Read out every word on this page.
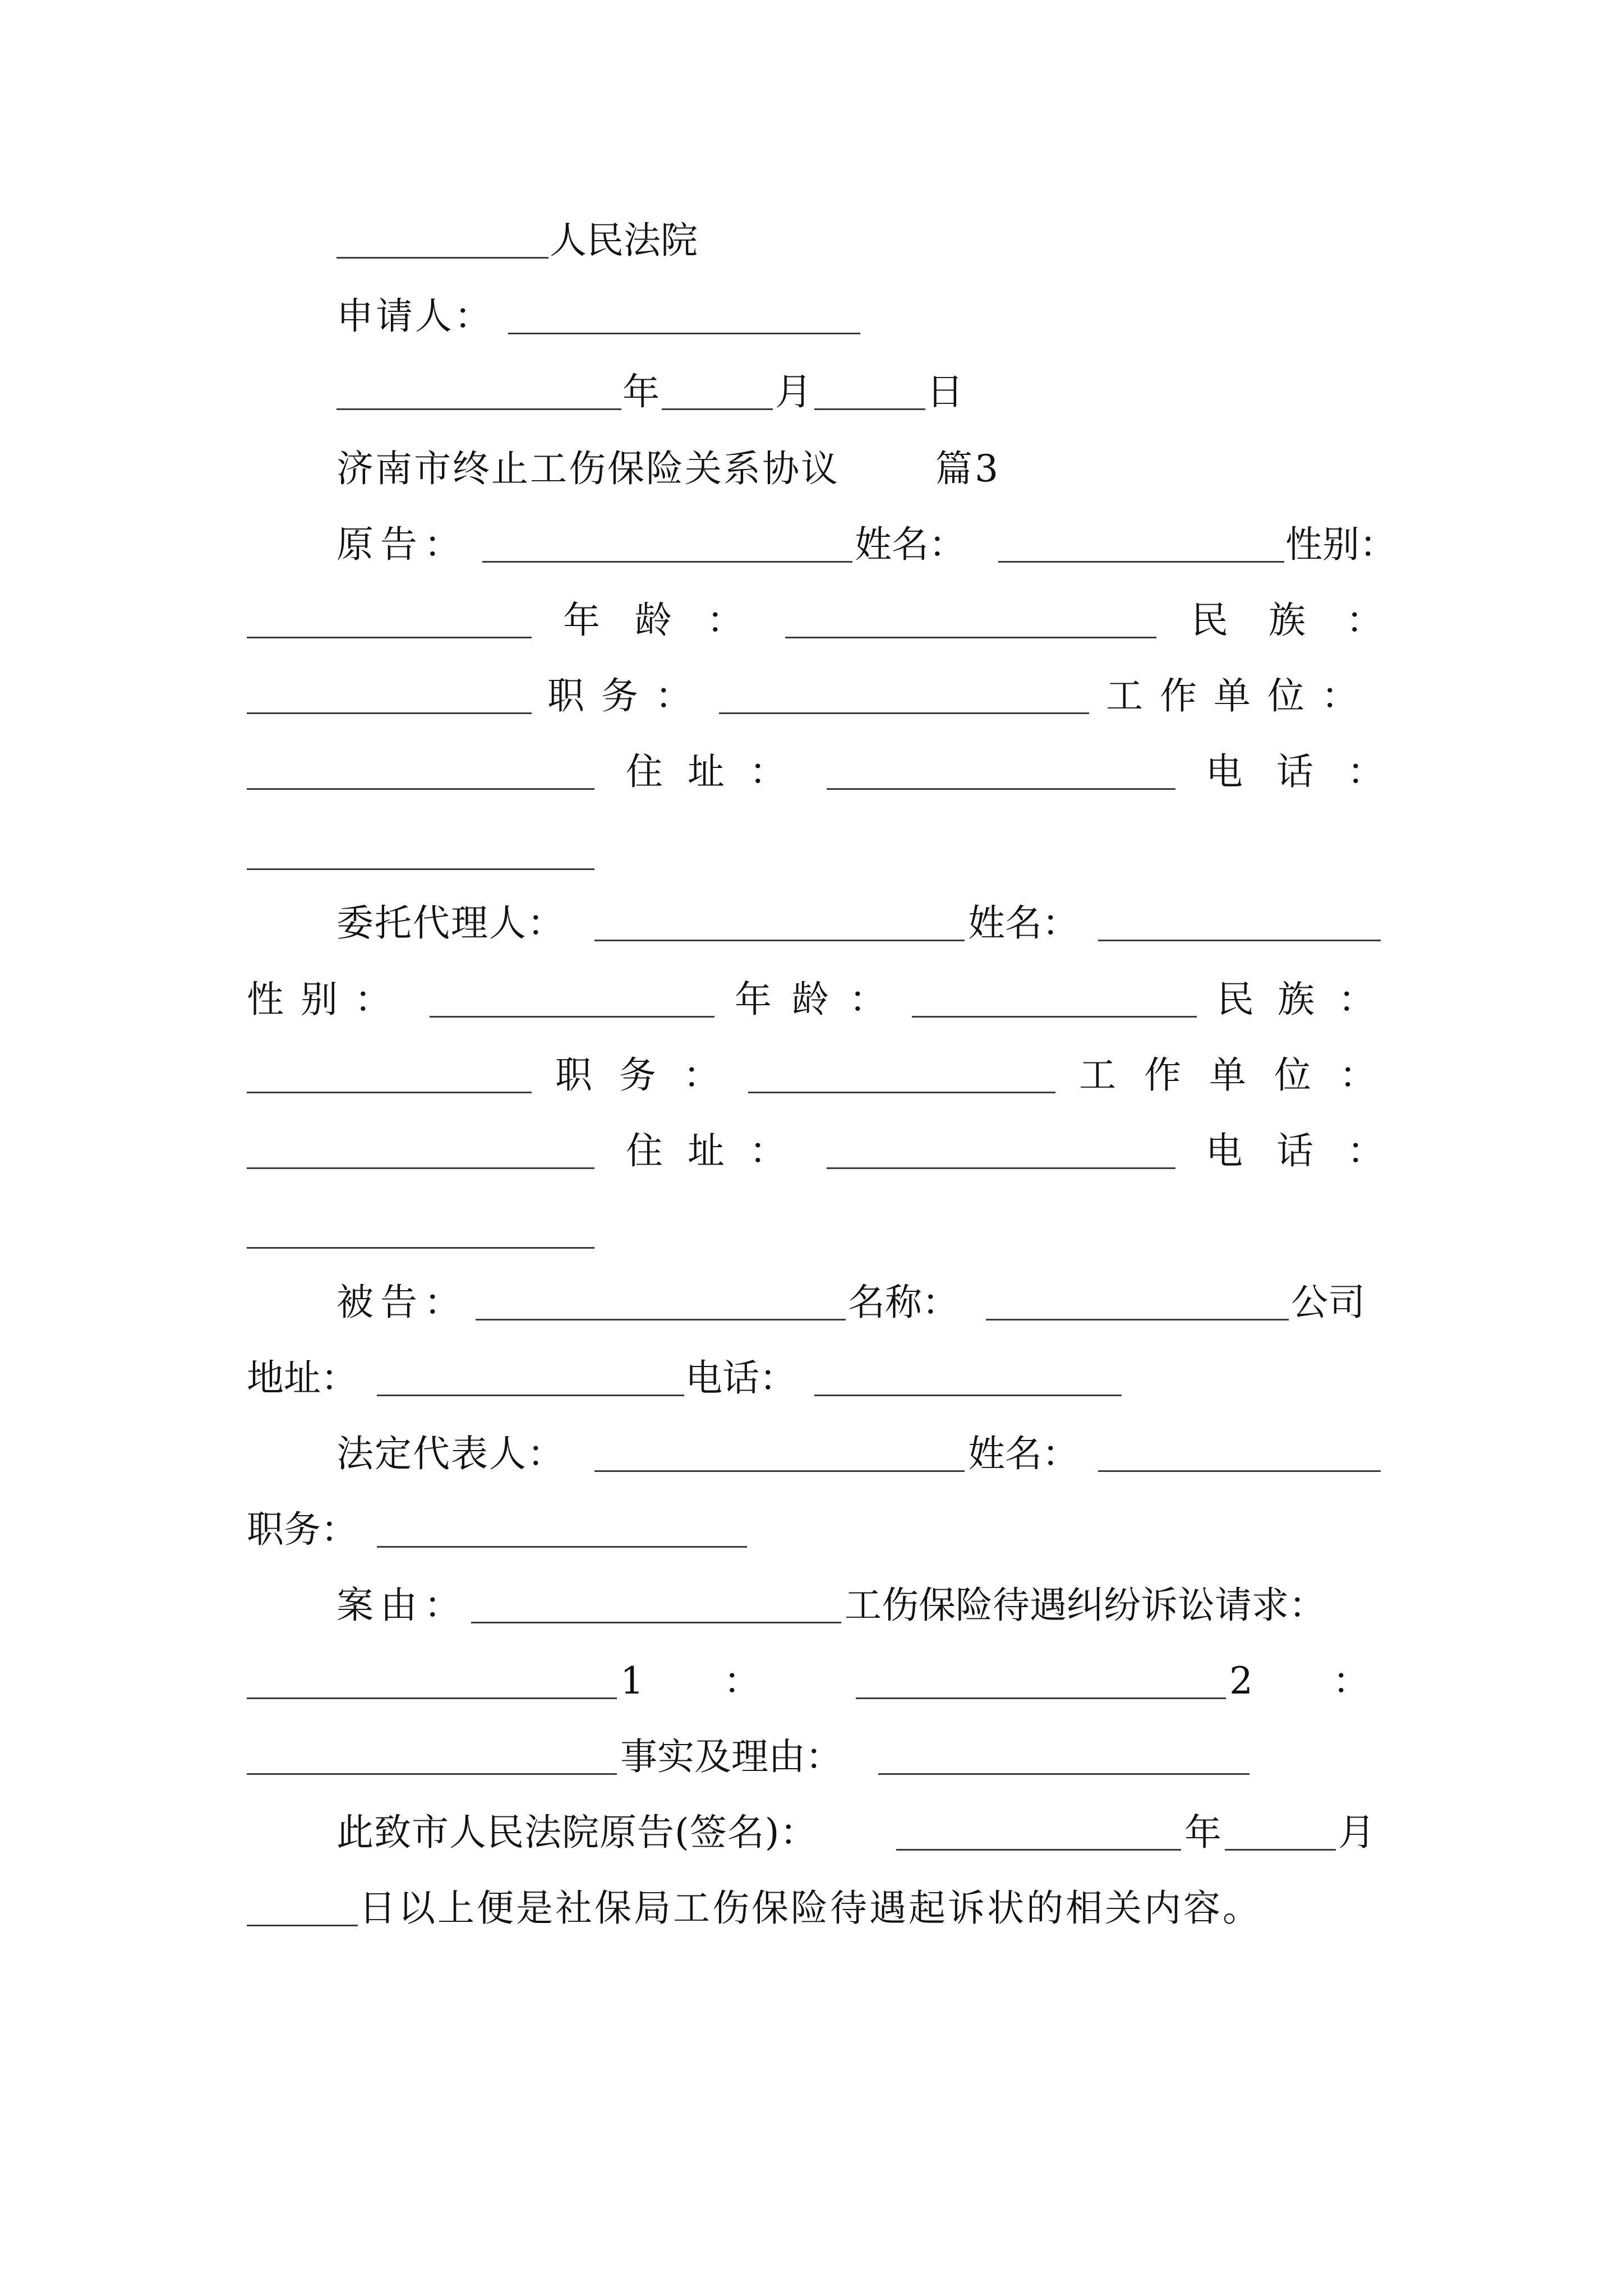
人民法院
申请人：
年	月	日
济南市终止工伤保险关系协议	篇3
原告：	姓名：	性别：
年龄：	民族：
职务：	工作单位：
住址：	电话：
委托代理人：	姓名：
性别：	年龄：	民族：
职务：	工作单位：
住址：	电话：
被告：	名称：	公司
地址：	电话：
法定代表人：	姓名：
职务：
案由：	工伤保险待遇纠纷诉讼请求：
1 ：	2 ：
事实及理由：
此致市人民法院原告(签名)：	年	月
日以上便是社保局工伤保险待遇起诉状的相关内容。
